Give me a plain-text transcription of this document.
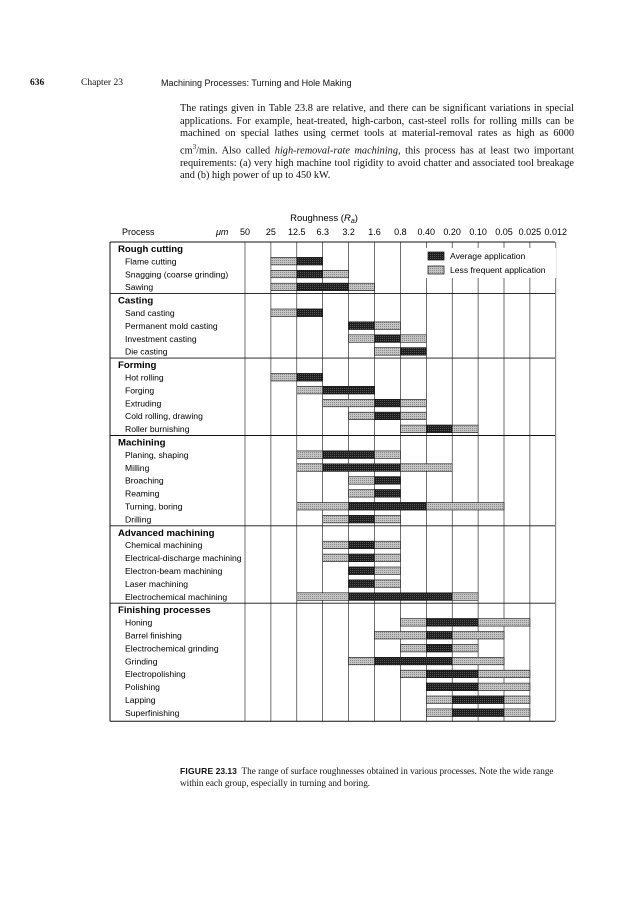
636	Chapter 23	Machining Processes: Turning and Hole Making

The ratings given in Table 23.8 are relative, and there can be significant variations in special applications. For example, heat-treated, high-carbon, cast-steel rolls for rolling mills can be machined on special lathes using cermet tools at material-removal rates as high as 6000 $cm^3/\min$. Also called high-removal-rate machining, this process has at least two important requirements: (a) very high machine tool rigidity to avoid chatter and associated tool breakage and (b) high power of up to 450 kW.

Roughness $(R_a)$
Process	μm 50 25 12.5 6.3 3.2 1.6 0.8 0.40 0.20 0.10 0.05 0.025 0.012
Rough cutting
Flame cutting
Snagging (coarse grinding)
Sawing
Casting
Sand casting
Permanent mold casting
Investment casting
Die casting
Forming
Hot rolling
Forging
Extruding
Cold rolling, drawing
Roller burnishing
Machining
Planing, shaping
Milling
Broaching
Reaming
Turning, boring
Drilling
Advanced machining
Chemical machining
Electrical-discharge machining
Electron-beam machining
Laser machining
Electrochemical machining
Finishing processes
Honing
Barrel finishing
Electrochemical grinding
Grinding
Electropolishing
Polishing
Lapping
Superfinishing
Average application
Less frequent application

FIGURE 23.13 The range of surface roughnesses obtained in various processes. Note the wide range within each group, especially in turning and boring.
